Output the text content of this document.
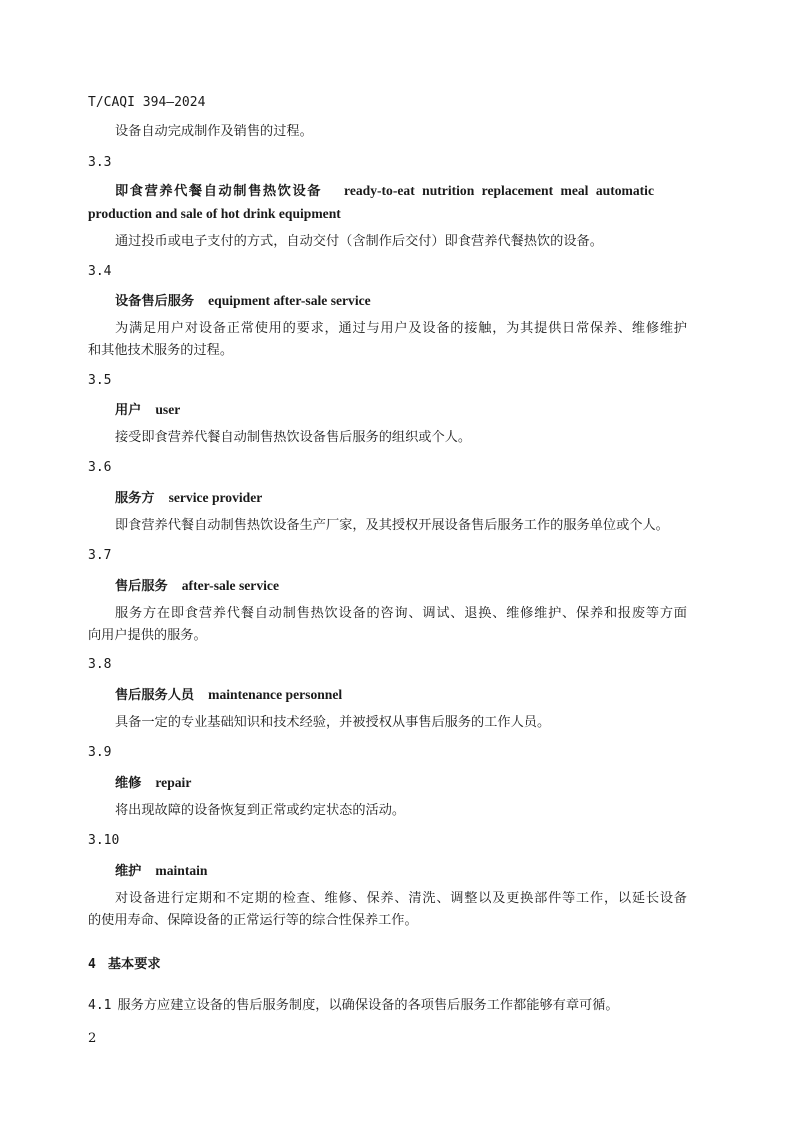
T/CAQI 394—2024
设备自动完成制作及销售的过程。
3.3
即食营养代餐自动制售热饮设备 ready-to-eat nutrition replacement meal automatic
production and sale of hot drink equipment
通过投币或电子支付的方式，自动交付（含制作后交付）即食营养代餐热饮的设备。
3.4
设备售后服务 equipment after-sale service
为满足用户对设备正常使用的要求，通过与用户及设备的接触，为其提供日常保养、维修维护
和其他技术服务的过程。
3.5
用户 user
接受即食营养代餐自动制售热饮设备售后服务的组织或个人。
3.6
服务方 service provider
即食营养代餐自动制售热饮设备生产厂家，及其授权开展设备售后服务工作的服务单位或个人。
3.7
售后服务 after-sale service
服务方在即食营养代餐自动制售热饮设备的咨询、调试、退换、维修维护、保养和报废等方面
向用户提供的服务。
3.8
售后服务人员 maintenance personnel
具备一定的专业基础知识和技术经验，并被授权从事售后服务的工作人员。
3.9
维修 repair
将出现故障的设备恢复到正常或约定状态的活动。
3.10
维护 maintain
对设备进行定期和不定期的检查、维修、保养、清洗、调整以及更换部件等工作，以延长设备
的使用寿命、保障设备的正常运行等的综合性保养工作。
4 基本要求
4.1 服务方应建立设备的售后服务制度，以确保设备的各项售后服务工作都能够有章可循。
2
